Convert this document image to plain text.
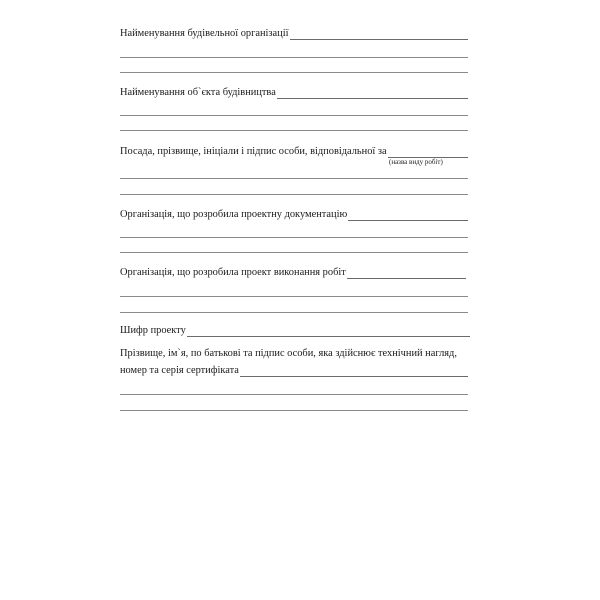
Найменування будівельної організації
Найменування об`єкта будівництва
Посада, прізвище, ініціали і підпис особи, відповідальної за
(назва виду робіт)
Організація, що розробила проектну документацію
Організація, що розробила проект виконання робіт
Шифр проекту
Прізвище, ім`я, по батькові та підпис особи, яка здійснює технічний нагляд,
номер та серія сертифіката
